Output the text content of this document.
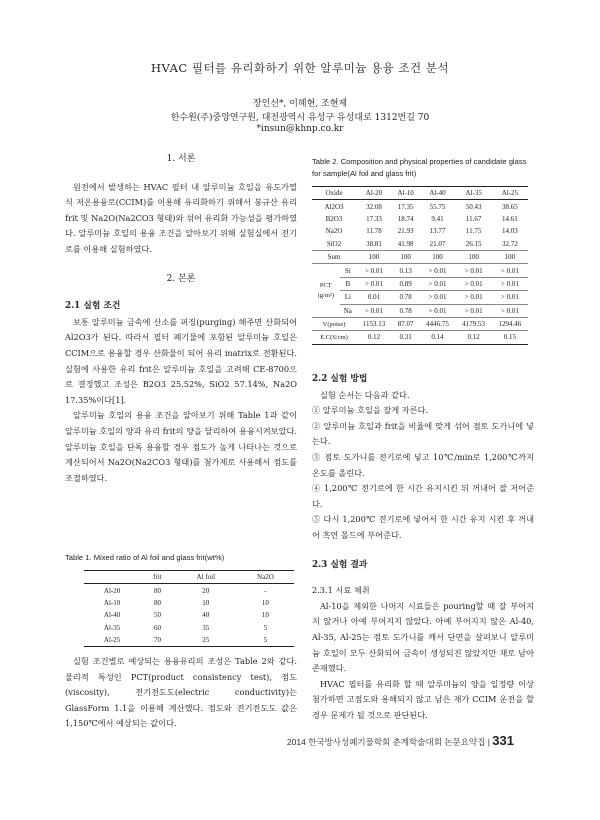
HVAC 필터를 유리화하기 위한 알루미늄 용융 조건 분석
장인선*, 이혜현, 조현제
한수원(주)중앙연구원, 대전광역시 유성구 유성대로 1312번길 70
*insun@khnp.co.kr

1. 서론

원전에서 발생하는 HVAC 필터 내 알루미늄 호일을 유도가열식 저온용융로(CCIM)를 이용해 유리화하기 위해서 붕규산 유리 frit 및 Na2O(Na2CO3 형태)와 섞어 유리화 가능성을 평가하였다. 알루미늄 호일의 용융 조건을 알아보기 위해 실험실에서 전기로를 이용해 실험하였다.

2. 본론

2.1 실험 조건

보통 알루미늄 금속에 산소를 퍼징(purging) 해주면 산화되어 Al2O3가 된다. 따라서 필터 폐기물에 포함된 알루미늄 호일은 CCIM으로 용융할 경우 산화물이 되어 유리 matrix로 전환된다. 실험에 사용한 유리 frit은 알루미늄 호일을 고려해 CE-8700으로 결정했고 조성은 B2O3 25.52%, SiO2 57.14%, Na2O 17.35%이다[1].

알루미늄 호일의 용융 조건을 알아보기 위해 Table 1과 같이 알루미늄 호일의 양과 유리 frit의 양을 달리하여 용융시켜보았다. 알루미늄 호일을 단독 용융할 경우 점도가 높게 나타나는 것으로 계산되어서 Na2O(Na2CO3 형태)를 첨가제로 사용해서 점도를 조절하였다.

Table 1. Mixed ratio of Al foil and glass frit(wt%)
	frit	Al foil	Na2O
Al-20	80	20	-
Al-10	80	10	10
Al-40	50	40	10
Al-35	60	35	5
Al-25	70	25	5

실험 조건별로 예상되는 용융유리의 조성은 Table 2와 같다. 물리적 특성인 PCT(product consistency test), 점도(viscosity), 전기전도도(electric conductivity)는 GlassForm 1.1을 이용해 계산했다. 점도와 전기전도도 값은 1,150℃에서 예상되는 값이다.

Table 2. Composition and physical properties of candidate glass for sample(Al foil and glass frit)
Oxide		Al-20	Al-10	Al-40	Al-35	Al-25
Al2O3		32.08	17.35	55.75	50.43	38.65
B2O3		17.33	18.74	9.41	11.67	14.61
Na2O		11.78	21.93	13.77	11.75	14.03
SiO2		38.81	41.98	21.07	26.15	32.72
Sum		100	100	100	100	100
PCT
(g/m²)	Si	> 0.01	0.13	> 0.01	> 0.01	> 0.01
	B	> 0.01	0.89	> 0.01	> 0.01	> 0.01
	Li	0.01	0.78	> 0.01	> 0.01	> 0.01
	Na	> 0.01	0.78	> 0.01	> 0.01	> 0.01
V(poise)		1153.13	87.07	4446.75	4179.53	1294.46
E.C(S/cm)		0.12	0.31	0.14	0.12	0.15

2.2 실험 방법

실험 순서는 다음과 같다.

① 알루미늄 호일을 잘게 자른다.

② 알루미늄 호일과 frit을 비율에 맞게 섞어 점토 도가니에 넣는다.

③ 점토 도가니를 전기로에 넣고 10℃/min로 1,200℃까지 온도를 올린다.

④ 1,200℃ 전기로에 한 시간 유지시킨 뒤 꺼내어 잘 저어준다.

⑤ 다시 1,200℃ 전기로에 넣어서 한 시간 유지 시킨 후 꺼내어 흑연 몰드에 부어준다.

2.3 실험 결과

2.3.1 시료 채취

Al-10을 제외한 나머지 시료들은 pouring할 때 잘 부어지지 않거나 아예 부어지지 않았다. 아예 부어지지 않은 Al-40, Al-35, Al-25는 점토 도가니를 깨서 단면을 살펴보니 알루미늄 호일이 모두 산화되어 금속이 생성되진 않았지만 재로 남아 존재했다.

HVAC 필터를 유리화 할 때 알루미늄의 양을 일정량 이상 첨가하면 고점도와 용해되지 않고 남은 재가 CCIM 운전을 할 경우 문제가 될 것으로 판단된다.

2014 한국방사성폐기물학회 춘계학술대회 논문요약집 | 331
